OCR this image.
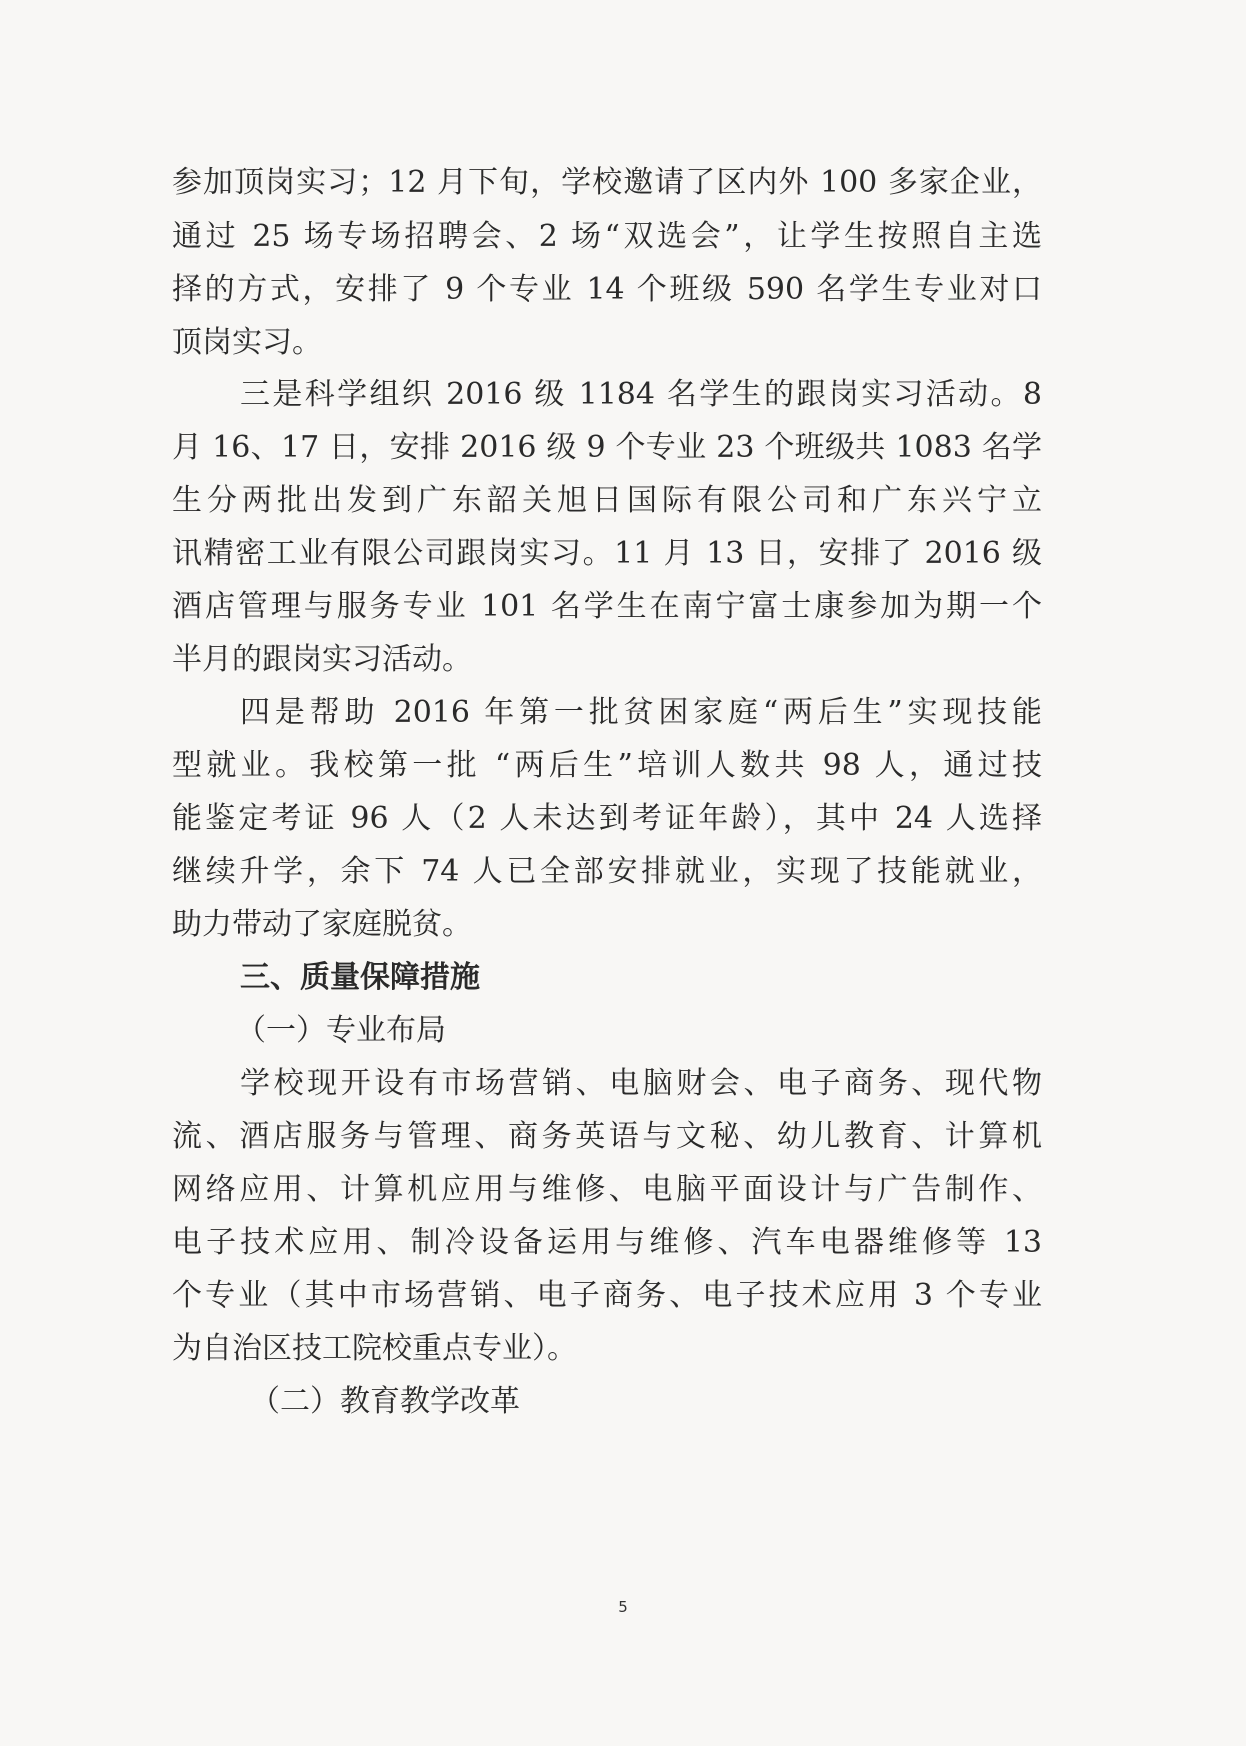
参加顶岗实习；12 月下旬，学校邀请了区内外 100 多家企业，
通过 25 场专场招聘会、2 场“双选会”，让学生按照自主选
择的方式，安排了 9 个专业 14 个班级 590 名学生专业对口
顶岗实习。
三是科学组织 2016 级 1184 名学生的跟岗实习活动。8
月 16、17 日，安排 2016 级 9 个专业 23 个班级共 1083 名学
生分两批出发到广东韶关旭日国际有限公司和广东兴宁立
讯精密工业有限公司跟岗实习。11 月 13 日，安排了 2016 级
酒店管理与服务专业 101 名学生在南宁富士康参加为期一个
半月的跟岗实习活动。
四是帮助 2016 年第一批贫困家庭“两后生”实现技能
型就业。我校第一批 “两后生”培训人数共 98 人，通过技
能鉴定考证 96 人（2 人未达到考证年龄），其中 24 人选择
继续升学，余下 74 人已全部安排就业，实现了技能就业，
助力带动了家庭脱贫。
三、质量保障措施
（一）专业布局
学校现开设有市场营销、电脑财会、电子商务、现代物
流、酒店服务与管理、商务英语与文秘、幼儿教育、计算机
网络应用、计算机应用与维修、电脑平面设计与广告制作、
电子技术应用、制冷设备运用与维修、汽车电器维修等 13
个专业（其中市场营销、电子商务、电子技术应用 3 个专业
为自治区技工院校重点专业）。
（二）教育教学改革
5
